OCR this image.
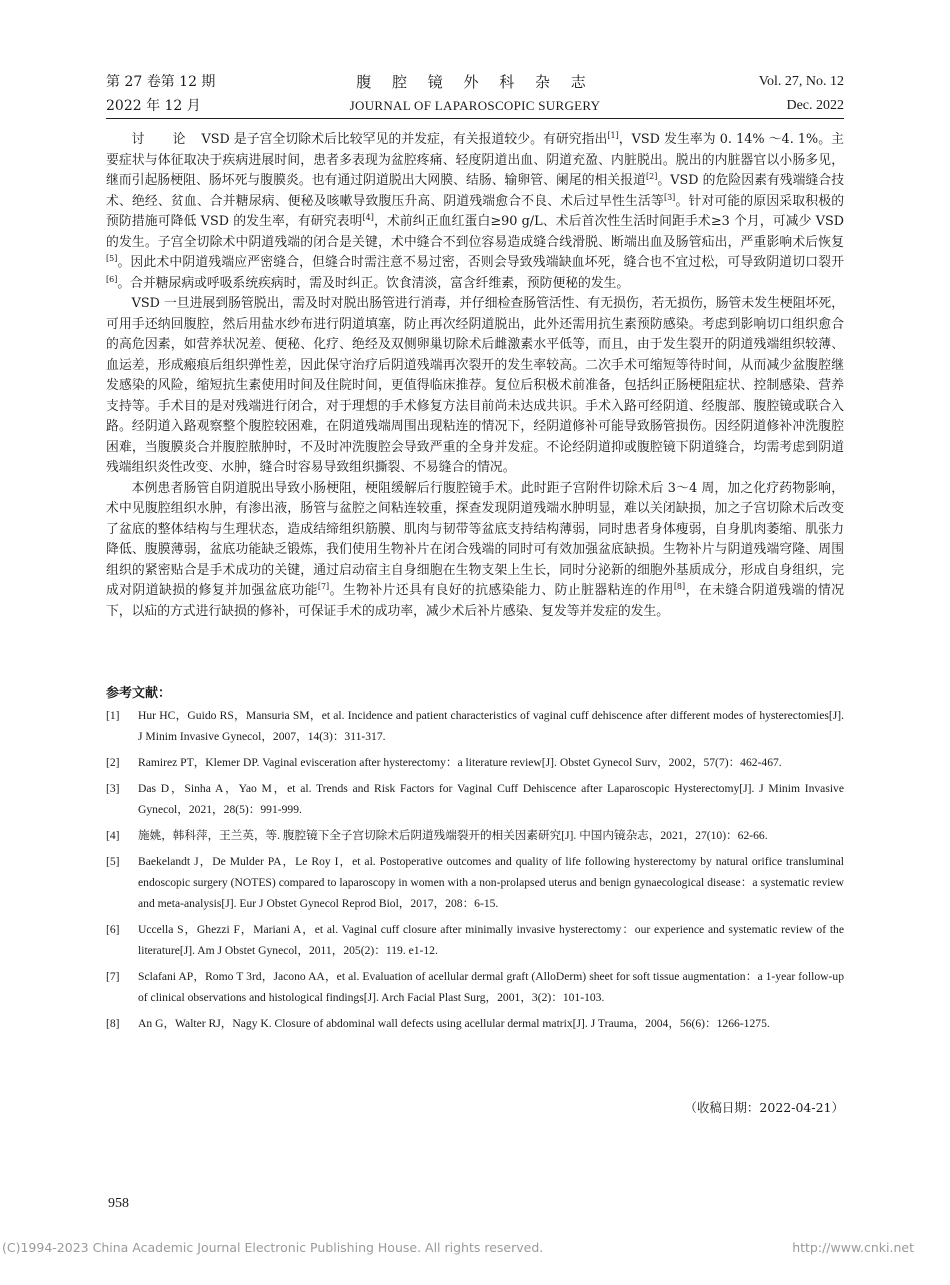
第 27 卷第 12 期
2022 年 12 月
腹 腔 镜 外 科 杂 志
JOURNAL OF LAPAROSCOPIC SURGERY
Vol. 27, No. 12
Dec. 2022

讨 论 VSD 是子宫全切除术后比较罕见的并发症，有关报道较少。有研究指出[1]，VSD 发生率为 0. 14% ～4. 1%。主要症状与体征取决于疾病进展时间，患者多表现为盆腔疼痛、轻度阴道出血、阴道充盈、内脏脱出。脱出的内脏器官以小肠多见，继而引起肠梗阻、肠坏死与腹膜炎。也有通过阴道脱出大网膜、结肠、输卵管、阑尾的相关报道[2]。VSD 的危险因素有残端缝合技术、绝经、贫血、合并糖尿病、便秘及咳嗽导致腹压升高、阴道残端愈合不良、术后过早性生活等[3]。针对可能的原因采取积极的预防措施可降低 VSD 的发生率，有研究表明[4]，术前纠正血红蛋白≥90 g/L、术后首次性生活时间距手术≥3 个月，可减少 VSD 的发生。子宫全切除术中阴道残端的闭合是关键，术中缝合不到位容易造成缝合线滑脱、断端出血及肠管疝出，严重影响术后恢复[5]。因此术中阴道残端应严密缝合，但缝合时需注意不易过密，否则会导致残端缺血坏死，缝合也不宜过松，可导致阴道切口裂开[6]。合并糖尿病或呼吸系统疾病时，需及时纠正。饮食清淡，富含纤维素，预防便秘的发生。

VSD 一旦进展到肠管脱出，需及时对脱出肠管进行消毒，并仔细检查肠管活性、有无损伤，若无损伤，肠管未发生梗阻坏死，可用手还纳回腹腔，然后用盐水纱布进行阴道填塞，防止再次经阴道脱出，此外还需用抗生素预防感染。考虑到影响切口组织愈合的高危因素，如营养状况差、便秘、化疗、绝经及双侧卵巢切除术后雌激素水平低等，而且，由于发生裂开的阴道残端组织较薄、血运差，形成瘢痕后组织弹性差，因此保守治疗后阴道残端再次裂开的发生率较高。二次手术可缩短等待时间，从而减少盆腹腔继发感染的风险，缩短抗生素使用时间及住院时间，更值得临床推荐。复位后积极术前准备，包括纠正肠梗阻症状、控制感染、营养支持等。手术目的是对残端进行闭合，对于理想的手术修复方法目前尚未达成共识。手术入路可经阴道、经腹部、腹腔镜或联合入路。经阴道入路观察整个腹腔较困难，在阴道残端周围出现粘连的情况下，经阴道修补可能导致肠管损伤。因经阴道修补冲洗腹腔困难，当腹膜炎合并腹腔脓肿时，不及时冲洗腹腔会导致严重的全身并发症。不论经阴道抑或腹腔镜下阴道缝合，均需考虑到阴道残端组织炎性改变、水肿，缝合时容易导致组织撕裂、不易缝合的情况。

本例患者肠管自阴道脱出导致小肠梗阻，梗阻缓解后行腹腔镜手术。此时距子宫附件切除术后 3～4 周，加之化疗药物影响，术中见腹腔组织水肿，有渗出液，肠管与盆腔之间粘连较重，探查发现阴道残端水肿明显，难以关闭缺损，加之子宫切除术后改变了盆底的整体结构与生理状态，造成结缔组织筋膜、肌肉与韧带等盆底支持结构薄弱，同时患者身体瘦弱，自身肌肉萎缩、肌张力降低、腹膜薄弱，盆底功能缺乏锻炼，我们使用生物补片在闭合残端的同时可有效加强盆底缺损。生物补片与阴道残端穹隆、周围组织的紧密贴合是手术成功的关键，通过启动宿主自身细胞在生物支架上生长，同时分泌新的细胞外基质成分，形成自身组织，完成对阴道缺损的修复并加强盆底功能[7]。生物补片还具有良好的抗感染能力、防止脏器粘连的作用[8]，在未缝合阴道残端的情况下，以疝的方式进行缺损的修补，可保证手术的成功率，减少术后补片感染、复发等并发症的发生。

参考文献：
[1]	Hur HC，Guido RS，Mansuria SM，et al. Incidence and patient characteristics of vaginal cuff dehiscence after different modes of hysterectomies[J]. J Minim Invasive Gynecol，2007，14(3)：311-317.
[2]	Ramirez PT，Klemer DP. Vaginal evisceration after hysterectomy：a literature review[J]. Obstet Gynecol Surv，2002，57(7)：462-467.
[3]	Das D，Sinha A，Yao M，et al. Trends and Risk Factors for Vaginal Cuff Dehiscence after Laparoscopic Hysterectomy[J]. J Minim Invasive Gynecol，2021，28(5)：991-999.
[4]	施姚，韩科萍，王兰英，等. 腹腔镜下全子宫切除术后阴道残端裂开的相关因素研究[J]. 中国内镜杂志，2021，27(10)：62-66.
[5]	Baekelandt J，De Mulder PA，Le Roy I，et al. Postoperative outcomes and quality of life following hysterectomy by natural orifice transluminal endoscopic surgery (NOTES) compared to laparoscopy in women with a non-prolapsed uterus and benign gynaecological disease：a systematic review and meta-analysis[J]. Eur J Obstet Gynecol Reprod Biol，2017，208：6-15.
[6]	Uccella S，Ghezzi F，Mariani A，et al. Vaginal cuff closure after minimally invasive hysterectomy：our experience and systematic review of the literature[J]. Am J Obstet Gynecol，2011，205(2)：119. e1-12.
[7]	Sclafani AP，Romo T 3rd，Jacono AA，et al. Evaluation of acellular dermal graft (AlloDerm) sheet for soft tissue augmentation：a 1-year follow-up of clinical observations and histological findings[J]. Arch Facial Plast Surg，2001，3(2)：101-103.
[8]	An G，Walter RJ，Nagy K. Closure of abdominal wall defects using acellular dermal matrix[J]. J Trauma，2004，56(6)：1266-1275.
（收稿日期：2022-04-21）
958
(C)1994-2023 China Academic Journal Electronic Publishing House. All rights reserved.	http://www.cnki.net
